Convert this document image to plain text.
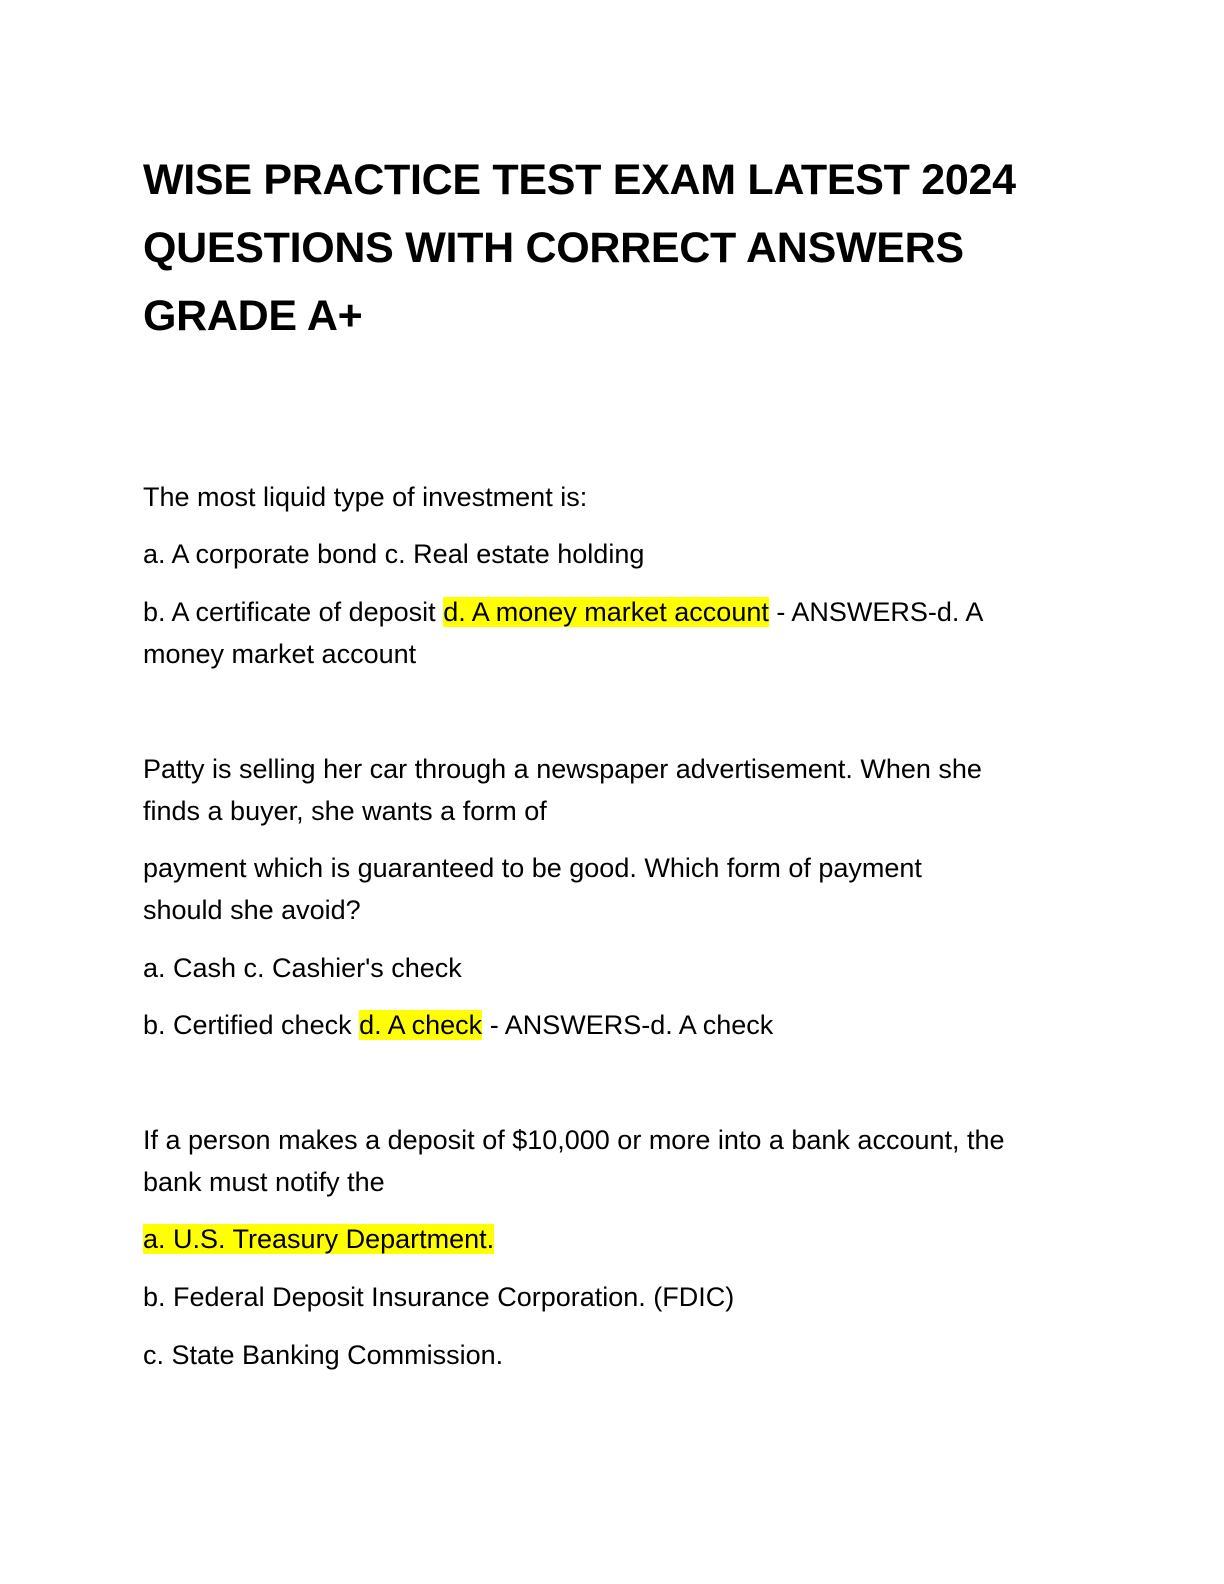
WISE PRACTICE TEST EXAM LATEST 2024
QUESTIONS WITH CORRECT ANSWERS
GRADE A+

The most liquid type of investment is:

a. A corporate bond c. Real estate holding

b. A certificate of deposit d. A money market account - ANSWERS-d. A

money market account

Patty is selling her car through a newspaper advertisement. When she

finds a buyer, she wants a form of

payment which is guaranteed to be good. Which form of payment

should she avoid?

a. Cash c. Cashier's check

b. Certified check d. A check - ANSWERS-d. A check

If a person makes a deposit of $10,000 or more into a bank account, the

bank must notify the

a. U.S. Treasury Department.

b. Federal Deposit Insurance Corporation. (FDIC)

c. State Banking Commission.
